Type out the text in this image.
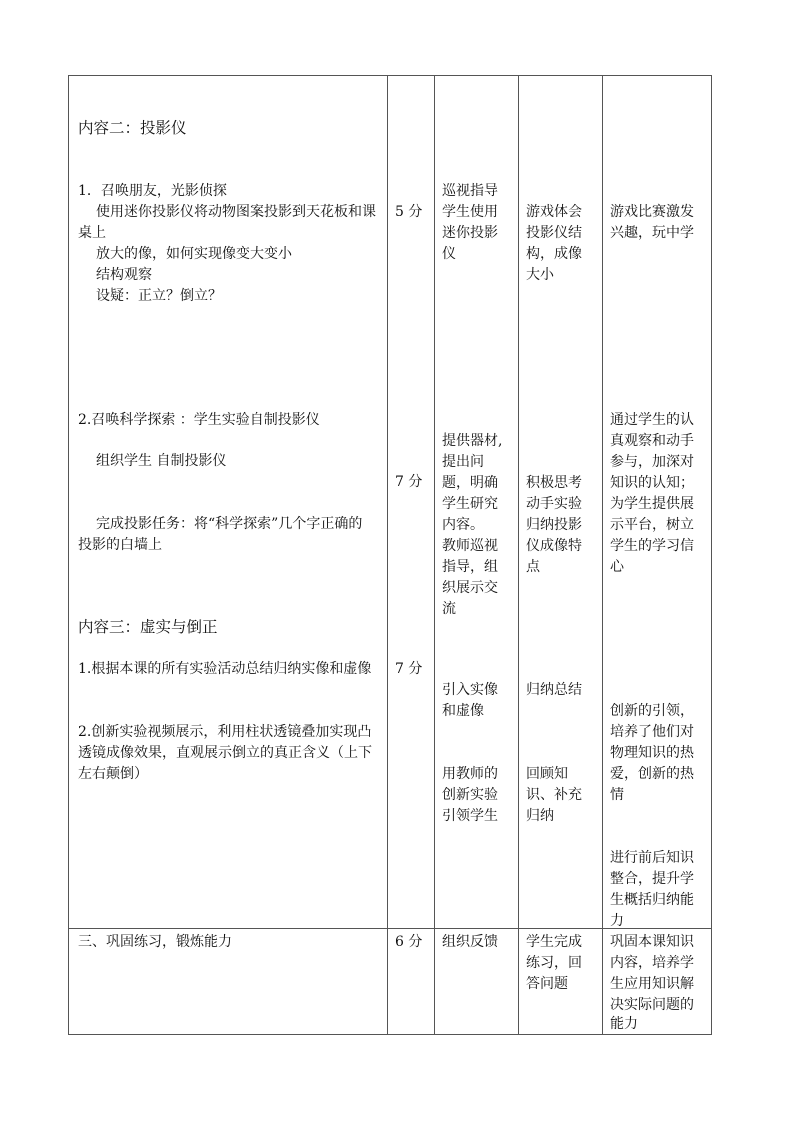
内容二：投影仪
1．召唤朋友，光影侦探
使用迷你投影仪将动物图案投影到天花板和课
桌上
放大的像，如何实现像变大变小
结构观察
设疑：正立？倒立？
2.召唤科学探索 ：学生实验自制投影仪
组织学生 自制投影仪
完成投影任务：将“科学探索”几个字正确的
投影的白墙上
内容三：虚实与倒正
1.根据本课的所有实验活动总结归纳实像和虚像
2.创新实验视频展示，利用柱状透镜叠加实现凸
透镜成像效果，直观展示倒立的真正含义（上下
左右颠倒）
5 分
7 分
7 分
巡视指导
学生使用
迷你投影
仪
提供器材,
提出问
题，明确
学生研究
内容。
教师巡视
指导，组
织展示交
流
引入实像
和虚像
用教师的
创新实验
引领学生
游戏体会
投影仪结
构，成像
大小
积极思考
动手实验
归纳投影
仪成像特
点
归纳总结
回顾知
识、补充
归纳
游戏比赛激发
兴趣，玩中学
通过学生的认
真观察和动手
参与，加深对
知识的认知；
为学生提供展
示平台，树立
学生的学习信
心
创新的引领，
培养了他们对
物理知识的热
爱，创新的热
情
进行前后知识
整合，提升学
生概括归纳能
力
三、巩固练习，锻炼能力	6 分 组织反馈 学生完成
练习，回
答问题
巩固本课知识
内容，培养学
生应用知识解
决实际问题的
能力
